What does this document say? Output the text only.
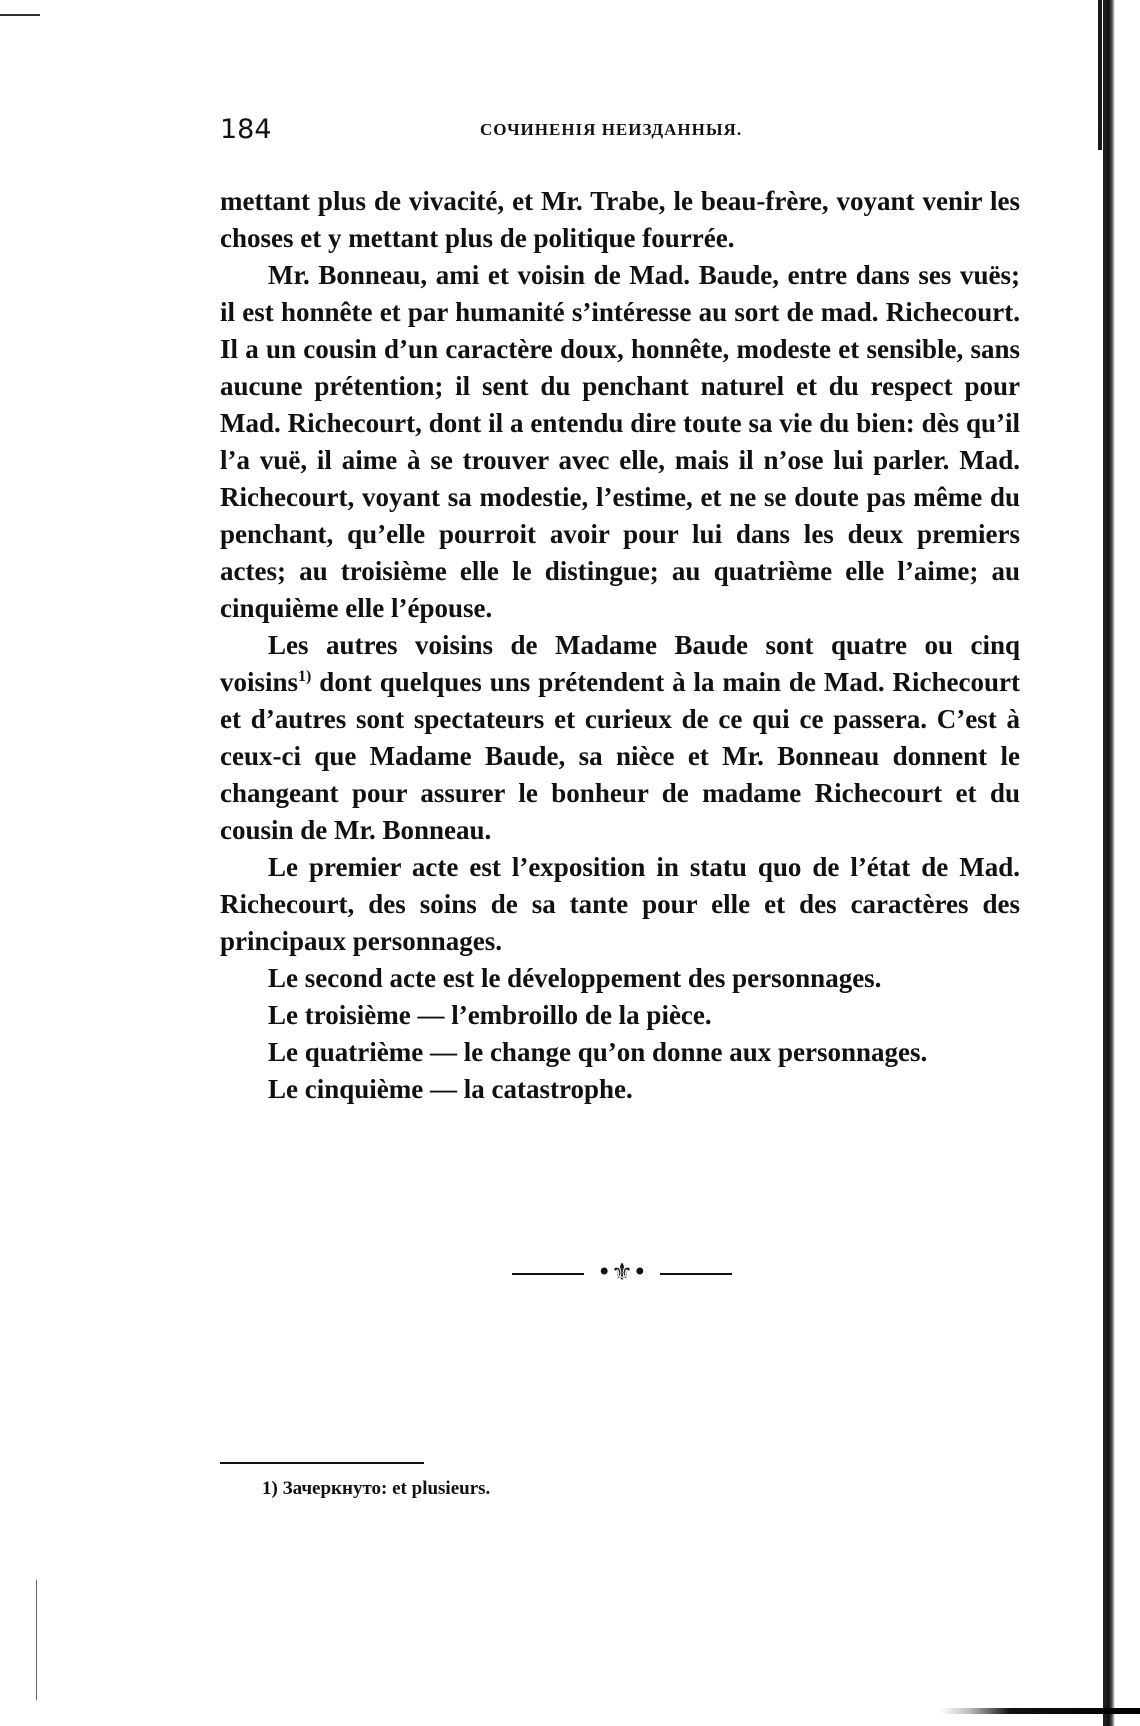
184	СОЧИНЕНІЯ НЕИЗДАННЫЯ.

mettant plus de vivacité, et Mr. Trabe, le beau-frère, voyant venir les choses et y mettant plus de politique fourrée.

Mr. Bonneau, ami et voisin de Mad. Baude, entre dans ses vuës; il est honnête et par humanité s’intéresse au sort de mad. Richecourt. Il a un cousin d’un caractère doux, honnête, modeste et sensible, sans aucune prétention; il sent du penchant naturel et du respect pour Mad. Richecourt, dont il a entendu dire toute sa vie du bien: dès qu’il l’a vuë, il aime à se trouver avec elle, mais il n’ose lui parler. Mad. Richecourt, voyant sa modestie, l’estime, et ne se doute pas même du penchant, qu’elle pourroit avoir pour lui dans les deux premiers actes; au troisième elle le distingue; au quatrième elle l’aime; au cinquième elle l’épouse.

Les autres voisins de Madame Baude sont quatre ou cinq voisins$^{1)}$ dont quelques uns prétendent à la main de Mad. Richecourt et d’autres sont spectateurs et curieux de ce qui ce passera. C’est à ceux-ci que Madame Baude, sa nièce et Mr. Bonneau donnent le changeant pour assurer le bonheur de madame Richecourt et du cousin de Mr. Bonneau.

Le premier acte est l’exposition in statu quo de l’état de Mad. Richecourt, des soins de sa tante pour elle et des caractères des principaux personnages.

Le second acte est le développement des personnages.

Le troisième — l’embroillo de la pièce.

Le quatrième — le change qu’on donne aux personnages.

Le cinquième — la catastrophe.

•⚜•
1) Зачеркнуто: et plusieurs.
